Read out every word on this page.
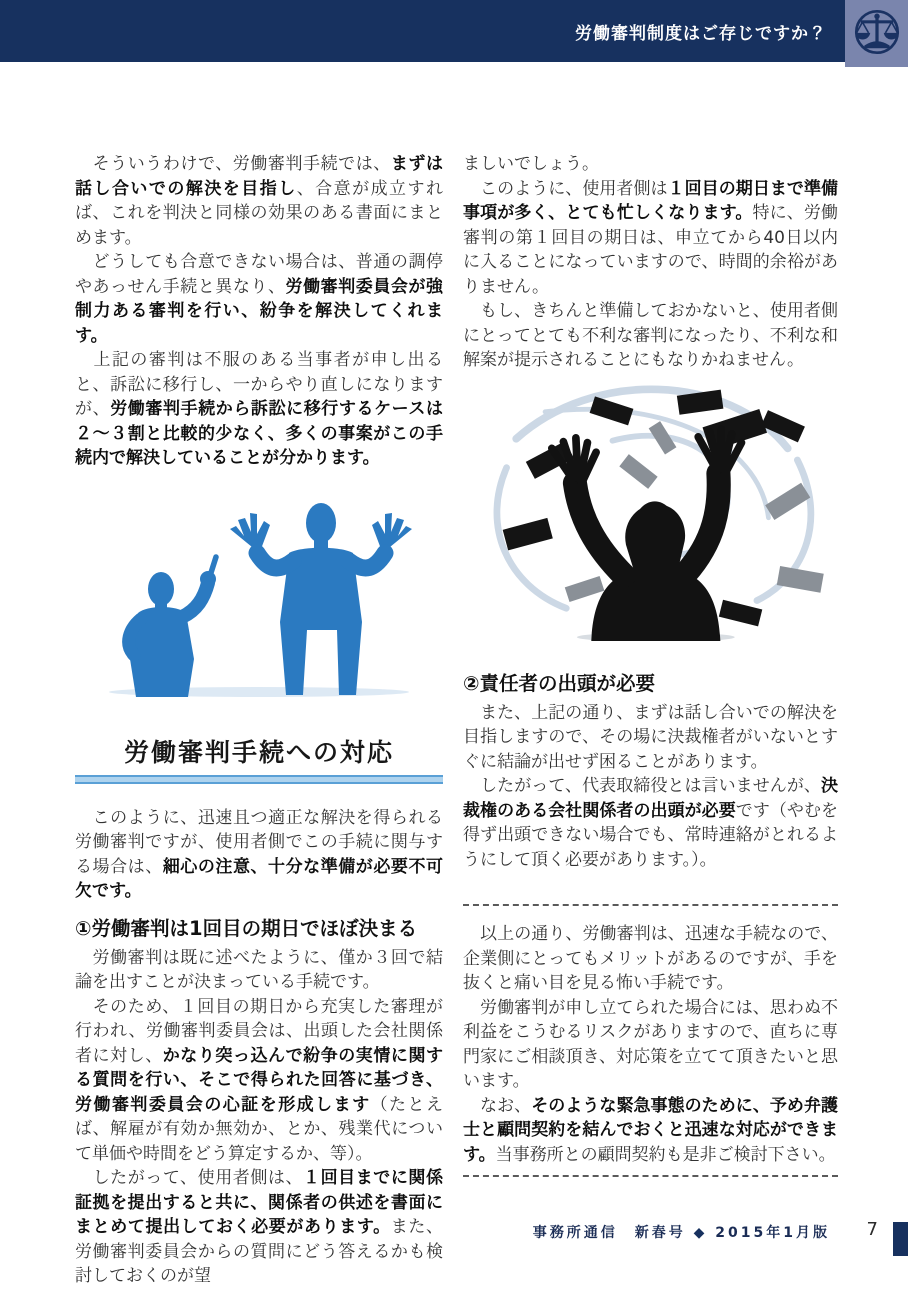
労働審判制度はご存じですか？

　そういうわけで、労働審判手続では、まずは話し合いでの解決を目指し、合意が成立すれば、これを判決と同様の効果のある書面にまとめます。

　どうしても合意できない場合は、普通の調停やあっせん手続と異なり、労働審判委員会が強制力ある審判を行い、紛争を解決してくれます。

　上記の審判は不服のある当事者が申し出ると、訴訟に移行し、一からやり直しになりますが、労働審判手続から訴訟に移行するケースは２～３割と比較的少なく、多くの事案がこの手続内で解決していることが分かります。

労働審判手続への対応

　このように、迅速且つ適正な解決を得られる労働審判ですが、使用者側でこの手続に関与する場合は、細心の注意、十分な準備が必要不可欠です。

①労働審判は1回目の期日でほぼ決まる

　労働審判は既に述べたように、僅か３回で結論を出すことが決まっている手続です。

　そのため、１回目の期日から充実した審理が行われ、労働審判委員会は、出頭した会社関係者に対し、かなり突っ込んで紛争の実情に関する質問を行い、そこで得られた回答に基づき、労働審判委員会の心証を形成します（たとえば、解雇が有効か無効か、とか、残業代について単価や時間をどう算定するか、等）。

　したがって、使用者側は、１回目までに関係証拠を提出すると共に、関係者の供述を書面にまとめて提出しておく必要があります。また、労働審判委員会からの質問にどう答えるかも検討しておくのが望

ましいでしょう。

　このように、使用者側は１回目の期日まで準備事項が多く、とても忙しくなります。特に、労働審判の第１回目の期日は、申立てから40日以内に入ることになっていますので、時間的余裕がありません。

　もし、きちんと準備しておかないと、使用者側にとってとても不利な審判になったり、不利な和解案が提示されることにもなりかねません。

②責任者の出頭が必要

　また、上記の通り、まずは話し合いでの解決を目指しますので、その場に決裁権者がいないとすぐに結論が出せず困ることがあります。

　したがって、代表取締役とは言いませんが、決裁権のある会社関係者の出頭が必要です（やむを得ず出頭できない場合でも、常時連絡がとれるようにして頂く必要があります。）。

　以上の通り、労働審判は、迅速な手続なので、企業側にとってもメリットがあるのですが、手を抜くと痛い目を見る怖い手続です。

　労働審判が申し立てられた場合には、思わぬ不利益をこうむるリスクがありますので、直ちに専門家にご相談頂き、対応策を立てて頂きたいと思います。

　なお、そのような緊急事態のために、予め弁護士と顧問契約を結んでおくと迅速な対応ができます。当事務所との顧問契約も是非ご検討下さい。

事務所通信　新春号 ◆ 2015年1月版 7
